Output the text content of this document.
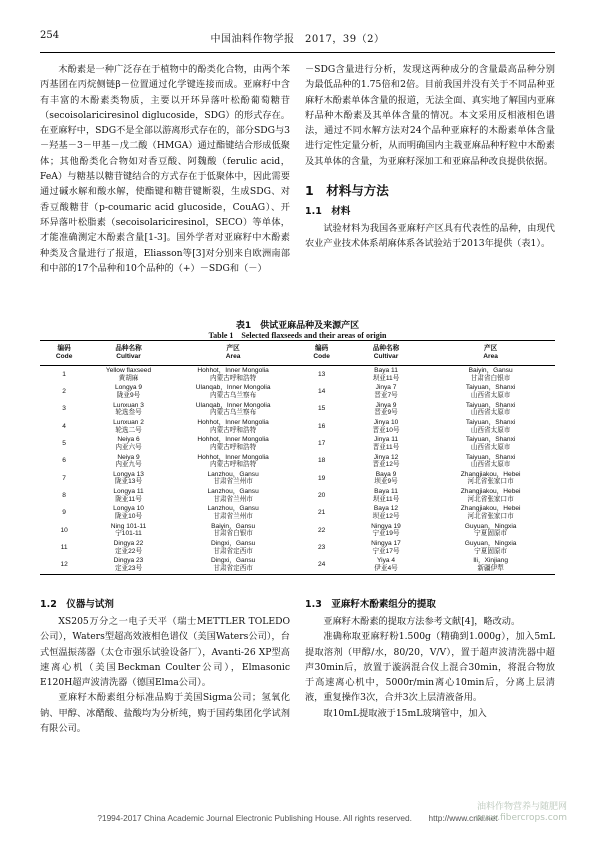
254	中国油料作物学报　2017，39（2）

木酚素是一种广泛存在于植物中的酚类化合物，由两个苯丙基团在丙烷侧链β－位置通过化学键连接而成。亚麻籽中含有丰富的木酚素类物质，主要以开环异落叶松酚葡萄糖苷（secoisolariciresinol diglucoside，SDG）的形式存在。在亚麻籽中，SDG不是全部以游离形式存在的，部分SDG与3－羟基－3－甲基－戊二酸（HMGA）通过酯键结合形成低聚体；其他酚类化合物如对香豆酸、阿魏酸（ferulic acid，FeA）与糖基以糖苷键结合的方式存在于低聚体中，因此需要通过碱水解和酸水解，使酯键和糖苷键断裂，生成SDG、对香豆酸糖苷（p-coumaric acid glucoside，CouAG）、开环异落叶松脂素（secoisolariciresinol，SECO）等单体，才能准确测定木酚素含量[1-3]。国外学者对亚麻籽中木酚素种类及含量进行了报道，Eliasson等[3]对分别来自欧洲南部和中部的17个品种和10个品种的（+）－SDG和（－）

－SDG含量进行分析，发现这两种成分的含量最高品种分别为最低品种的1.75倍和2倍。目前我国并没有关于不同品种亚麻籽木酚素单体含量的报道，无法全面、真实地了解国内亚麻籽品种木酚素及其单体含量的情况。本文采用反相液相色谱法，通过不同水解方法对24个品种亚麻籽的木酚素单体含量进行定性定量分析，从而明确国内主栽亚麻品种籽粒中木酚素及其单体的含量，为亚麻籽深加工和亚麻品种改良提供依据。

1　材料与方法
1.1　材料

试验材料为我国各亚麻籽产区具有代表性的品种，由现代农业产业技术体系胡麻体系各试验站于2013年提供（表1）。

表1　供试亚麻品种及来源产区
Table 1　Selected flaxseeds and their areas of origin
编码
Code	品种名称
Cultivar	产区
Area	编码
Code	品种名称
Cultivar	产区
Area

1	Yellow flaxseed
黄胡麻	Hohhot，Inner Mongolia
内蒙古呼和浩特	13	Baya 11
坝亚11号	Baiyin，Gansu
甘肃省白银市

2	Longya 9
陇亚9号	Ulanqab，Inner Mongolia
内蒙古乌兰察布	14	Jinya 7
晋亚7号	Taiyuan，Shanxi
山西省太原市

3	Lunxuan 3
轮选叁号	Ulanqab，Inner Mongolia
内蒙古乌兰察布	15	Jinya 9
晋亚9号	Taiyuan，Shanxi
山西省太原市

4	Lunxuan 2
轮选二号	Hohhot，Inner Mongolia
内蒙古呼和浩特	16	Jinya 10
晋亚10号	Taiyuan，Shanxi
山西省太原市

5	Neiya 6
内亚六号	Hohhot，Inner Mongolia
内蒙古呼和浩特	17	Jinya 11
晋亚11号	Taiyuan，Shanxi
山西省太原市

6	Neiya 9
内亚九号	Hohhot，Inner Mongolia
内蒙古呼和浩特	18	Jinya 12
晋亚12号	Taiyuan，Shanxi
山西省太原市

7	Longya 13
陇亚13号	Lanzhou，Gansu
甘肃省兰州市	19	Baya 9
坝亚9号	Zhangjiakou，Hebei
河北省张家口市

8	Longya 11
陇亚11号	Lanzhou，Gansu
甘肃省兰州市	20	Baya 11
坝亚11号	Zhangjiakou，Hebei
河北省张家口市

9	Longya 10
陇亚10号	Lanzhou，Gansu
甘肃省兰州市	21	Baya 12
坝亚12号	Zhangjiakou，Hebei
河北省张家口市

10	Ning 101-11
宁101-11	Baiyin，Gansu
甘肃省白银市	22	Ningya 19
宁亚19号	Guyuan，Ningxia
宁夏固原市

11	Dingya 22
定亚22号	Dingxi，Gansu
甘肃省定西市	23	Ningya 17
宁亚17号	Guyuan，Ningxia
宁夏固原市

12	Dingya 23
定亚23号	Dingxi，Gansu
甘肃省定西市	24	Yiya 4
伊亚4号	Ili，Xinjiang
新疆伊犁
1.2　仪器与试剂

XS205万分之一电子天平（瑞士METTLER TOLEDO公司），Waters型超高效液相色谱仪（美国Waters公司），台式恒温振荡器（太仓市强乐试验设备厂），Avanti-26 XP型高速离心机（美国Beckman Coulter公司），Elmasonic E120H超声波清洗器（德国Elma公司）。

亚麻籽木酚素组分标准品购于美国Sigma公司；氢氧化钠、甲醇、冰醋酸、盐酸均为分析纯，购于国药集团化学试剂有限公司。

1.3　亚麻籽木酚素组分的提取

亚麻籽木酚素的提取方法参考文献[4]，略改动。

准确称取亚麻籽粉1.500g（精确到1.000g），加入5mL提取溶剂（甲醇/水，80/20，V/V），置于超声波清洗器中超声30min后，放置于漩涡混合仪上混合30min，将混合物放于高速离心机中，5000r/min离心10min后，分离上层清液，重复操作3次，合并3次上层清液备用。

取10mL提取液于15mL玻璃管中，加入

?1994-2017 China Academic Journal Electronic Publishing House. All rights reserved.　　http://www.cnki.net
油料作物营养与随肥网
www.fibercrops.com
